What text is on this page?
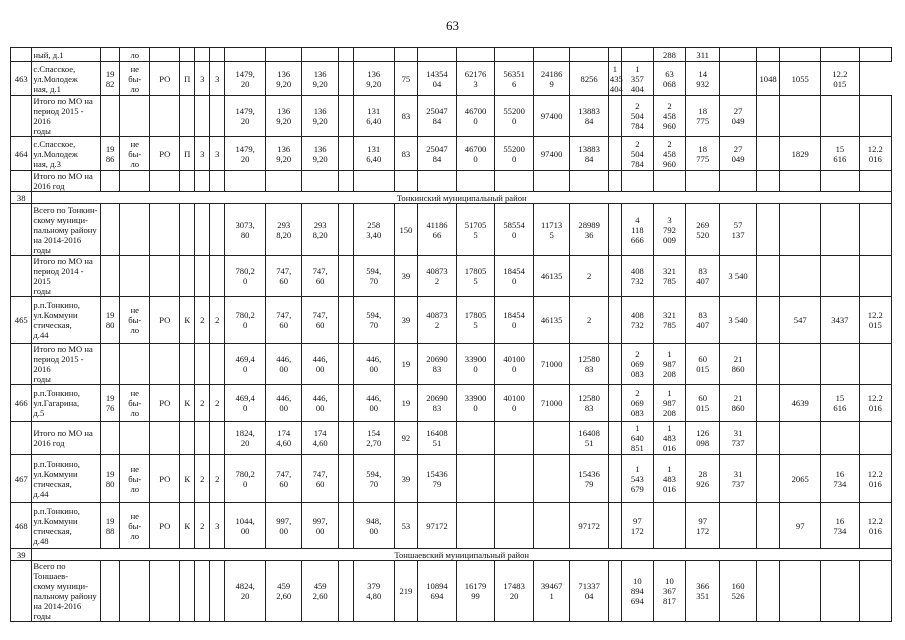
63
	ный, д.1		ло																		288	311					
463	с.Спасское,
ул.Молодеж
ная, д.1	19
82	не
бы-
ло	РО	П	3	3	1479,
20	136
9,20	136
9,20		136
9,20	75	14354
04	62176
3	56351
6	24186
9	8256	1
435
404	1
357
404	63
068	14
932		1048	1055	12.2
015	
	Итого по МО на
период 2015 - 2016
годы							1479,
20	136
9,20	136
9,20		131
6,40	83	25047
84	46700
0	55200
0	97400	13883
84		2
504
784	2
458
960	18
775	27
049				
464	с.Спасское,
ул.Молодеж
ная, д.3	19
86	не
бы-
ло	РО	П	3	3	1479,
20	136
9,20	136
9,20		131
6,40	83	25047
84	46700
0	55200
0	97400	13883
84		2
504
784	2
458
960	18
775	27
049		1829	15
616	12.2
016
	Итого по МО на
2016 год																										
38	Тонкинский муниципальный район																										
	Всего по Тонкин-
скому муници-
пальному району
на 2014-2016 годы							3073,
80	293
8,20	293
8,20		258
3,40	150	41186
66	51705
5	58554
0	11713
5	28989
36		4
118
666	3
792
009	269
520	57
137				
	Итого по МО на
период 2014 - 2015
годы							780,2
0	747,
60	747,
60		594,
70	39	40873
2	17805
5	18454
0	46135	2		408
732	321
785	83
407	3 540				
465	р.п.Тонкино,
ул.Коммуни
стическая,
д.44	19
80	не
бы-
ло	РО	К	2	2	780,2
0	747,
60	747,
60		594,
70	39	40873
2	17805
5	18454
0	46135	2		408
732	321
785	83
407	3 540		547	3437	12.2
015
	Итого по МО на
период 2015 - 2016
годы							469,4
0	446,
00	446,
00		446,
00	19	20690
83	33900
0	40100
0	71000	12580
83		2
069
083	1
987
208	60
015	21
860				
466	р.п.Тонкино,
ул.Гагарина,
д.5	19
76	не
бы-
ло	РО	К	2	2	469,4
0	446,
00	446,
00		446,
00	19	20690
83	33900
0	40100
0	71000	12580
83		2
069
083	1
987
208	60
015	21
860		4639	15
616	12.2
016
	Итого по МО на
2016 год							1824,
20	174
4,60	174
4,60		154
2,70	92	16408
51				16408
51		1
640
851	1
483
016	126
098	31
737				
467	р.п.Тонкино,
ул.Коммуни
стическая,
д.44	19
80	не
бы-
ло	РО	К	2	2	780,2
0	747,
60	747,
60		594,
70	39	15436
79				15436
79		1
543
679	1
483
016	28
926	31
737		2065	16
734	12.2
016
468	р.п.Тонкино,
ул.Коммуни
стическая,
д.48	19
88	не
бы-
ло	РО	К	2	3	1044,
00	997,
00	997,
00		948,
00	53	97172				97172		97
172		97
172			97	16
734	12.2
016
39	Тоншаевский муниципальный район																										
	Всего по Тоншаев-
скому муници-
пальному району
на 2014-2016 годы							4824,
20	459
2,60	459
2,60		379
4,80	219	10894
694	16179
99	17483
20	39467
1	71337
04		10
894
694	10
367
817	366
351	160
526				
